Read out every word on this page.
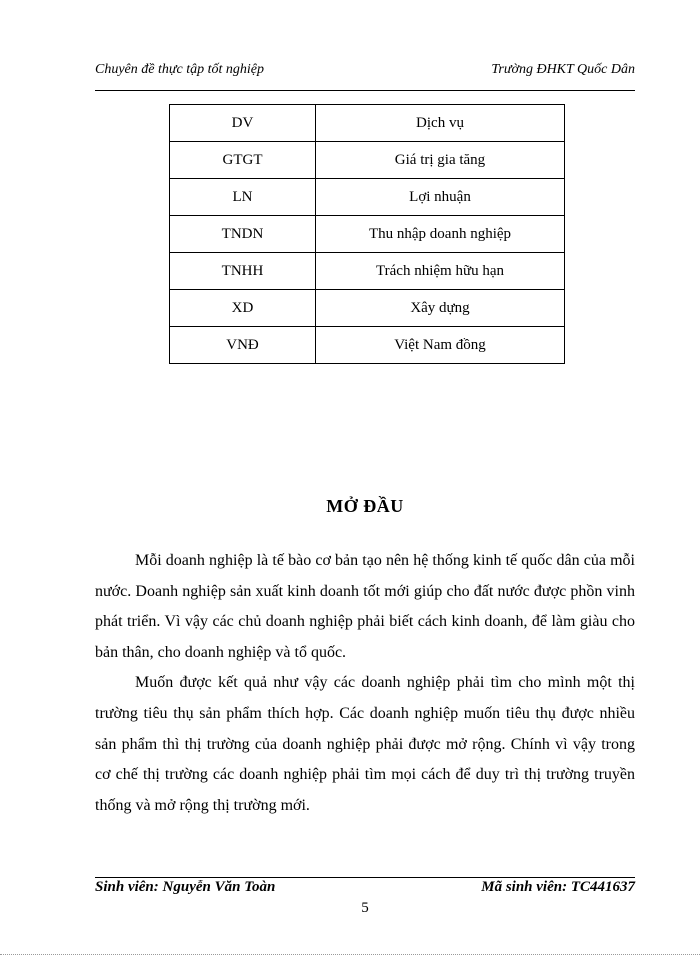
Chuyên đề thực tập tốt nghiệp	Trường ĐHKT Quốc Dân
DV	Dịch vụ
GTGT	Giá trị gia tăng
LN	Lợi nhuận
TNDN	Thu nhập doanh nghiệp
TNHH	Trách nhiệm hữu hạn
XD	Xây dựng
VNĐ	Việt Nam đồng
MỞ ĐẦU

Mỗi doanh nghiệp là tế bào cơ bản tạo nên hệ thống kinh tế quốc dân của mỗi nước. Doanh nghiệp sản xuất kinh doanh tốt mới giúp cho đất nước được phồn vinh phát triển. Vì vậy các chủ doanh nghiệp phải biết cách kinh doanh, để làm giàu cho bản thân, cho doanh nghiệp và tổ quốc.

Muốn được kết quả như vậy các doanh nghiệp phải tìm cho mình một thị trường tiêu thụ sản phẩm thích hợp. Các doanh nghiệp muốn tiêu thụ được nhiều sản phẩm thì thị trường của doanh nghiệp phải được mở rộng. Chính vì vậy trong cơ chế thị trường các doanh nghiệp phải tìm mọi cách để duy trì thị trường truyền thống và mở rộng thị trường mới.

Sinh viên: Nguyễn Văn Toàn	Mã sinh viên: TC441637
5
